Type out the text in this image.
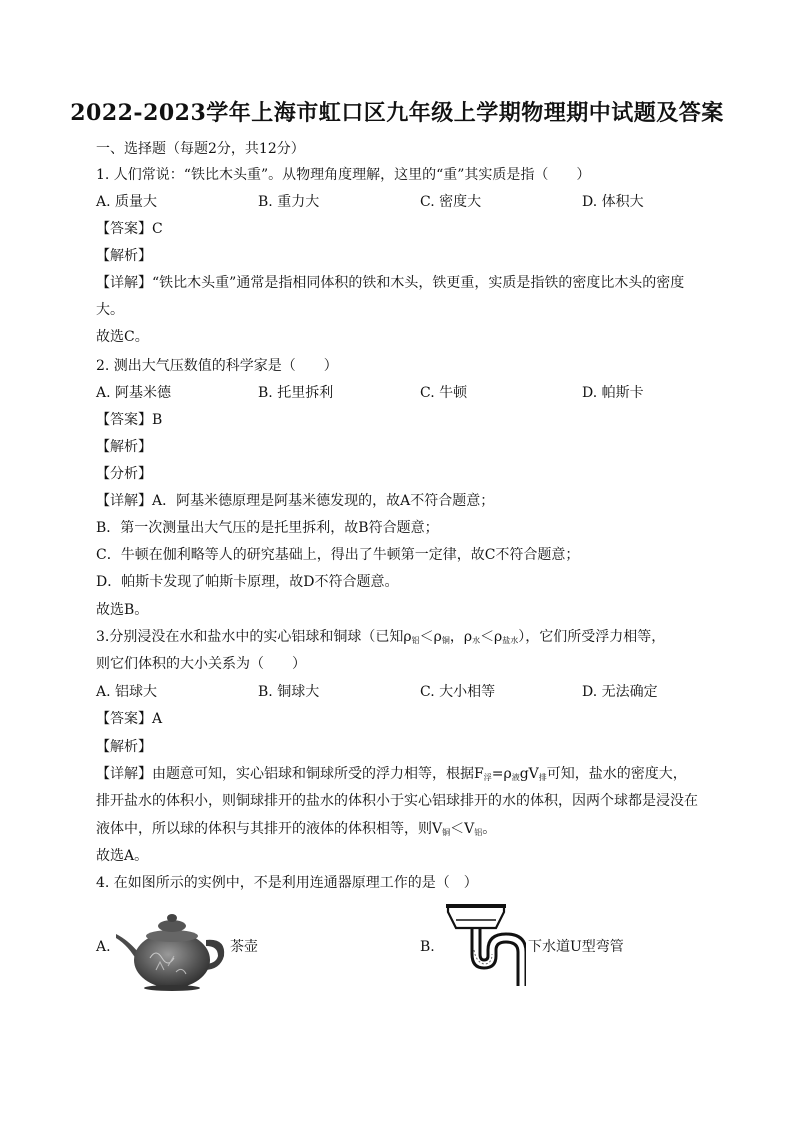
2022-2023学年上海市虹口区九年级上学期物理期中试题及答案
一、选择题（每题2分，共12分）
1. 人们常说：“铁比木头重”。从物理角度理解，这里的“重”其实质是指（　　）
A. 质量大	B. 重力大	C. 密度大	D. 体积大
【答案】C
【解析】
【详解】“铁比木头重”通常是指相同体积的铁和木头，铁更重，实质是指铁的密度比木头的密度
大。
故选C。
2. 测出大气压数值的科学家是（　　）
A. 阿基米德	B. 托里拆利	C. 牛顿	D. 帕斯卡
【答案】B
【解析】
【分析】
【详解】A．阿基米德原理是阿基米德发现的，故A不符合题意；
B．第一次测量出大气压的是托里拆利，故B符合题意；
C．牛顿在伽利略等人的研究基础上，得出了牛顿第一定律，故C不符合题意；
D．帕斯卡发现了帕斯卡原理，故D不符合题意。
故选B。
3.分别浸没在水和盐水中的实心铝球和铜球（已知$\rho_铝<\rho_铜$，$\rho_水<\rho_{盐水}$），它们所受浮力相等，
则它们体积的大小关系为（　　）
A. 铝球大	B. 铜球大	C. 大小相等	D. 无法确定
【答案】A
【解析】
【详解】由题意可知，实心铝球和铜球所受的浮力相等，根据$F_浮=\rho_液gV_排$可知，盐水的密度大，
排开盐水的体积小，则铜球排开的盐水的体积小于实心铝球排开的水的体积，因两个球都是浸没在
液体中，所以球的体积与其排开的液体的体积相等，则$V_铜<V_铝$。
故选A。
4. 在如图所示的实例中，不是利用连通器原理工作的是（　）
A.	茶壶	B.	下水道U型弯管
